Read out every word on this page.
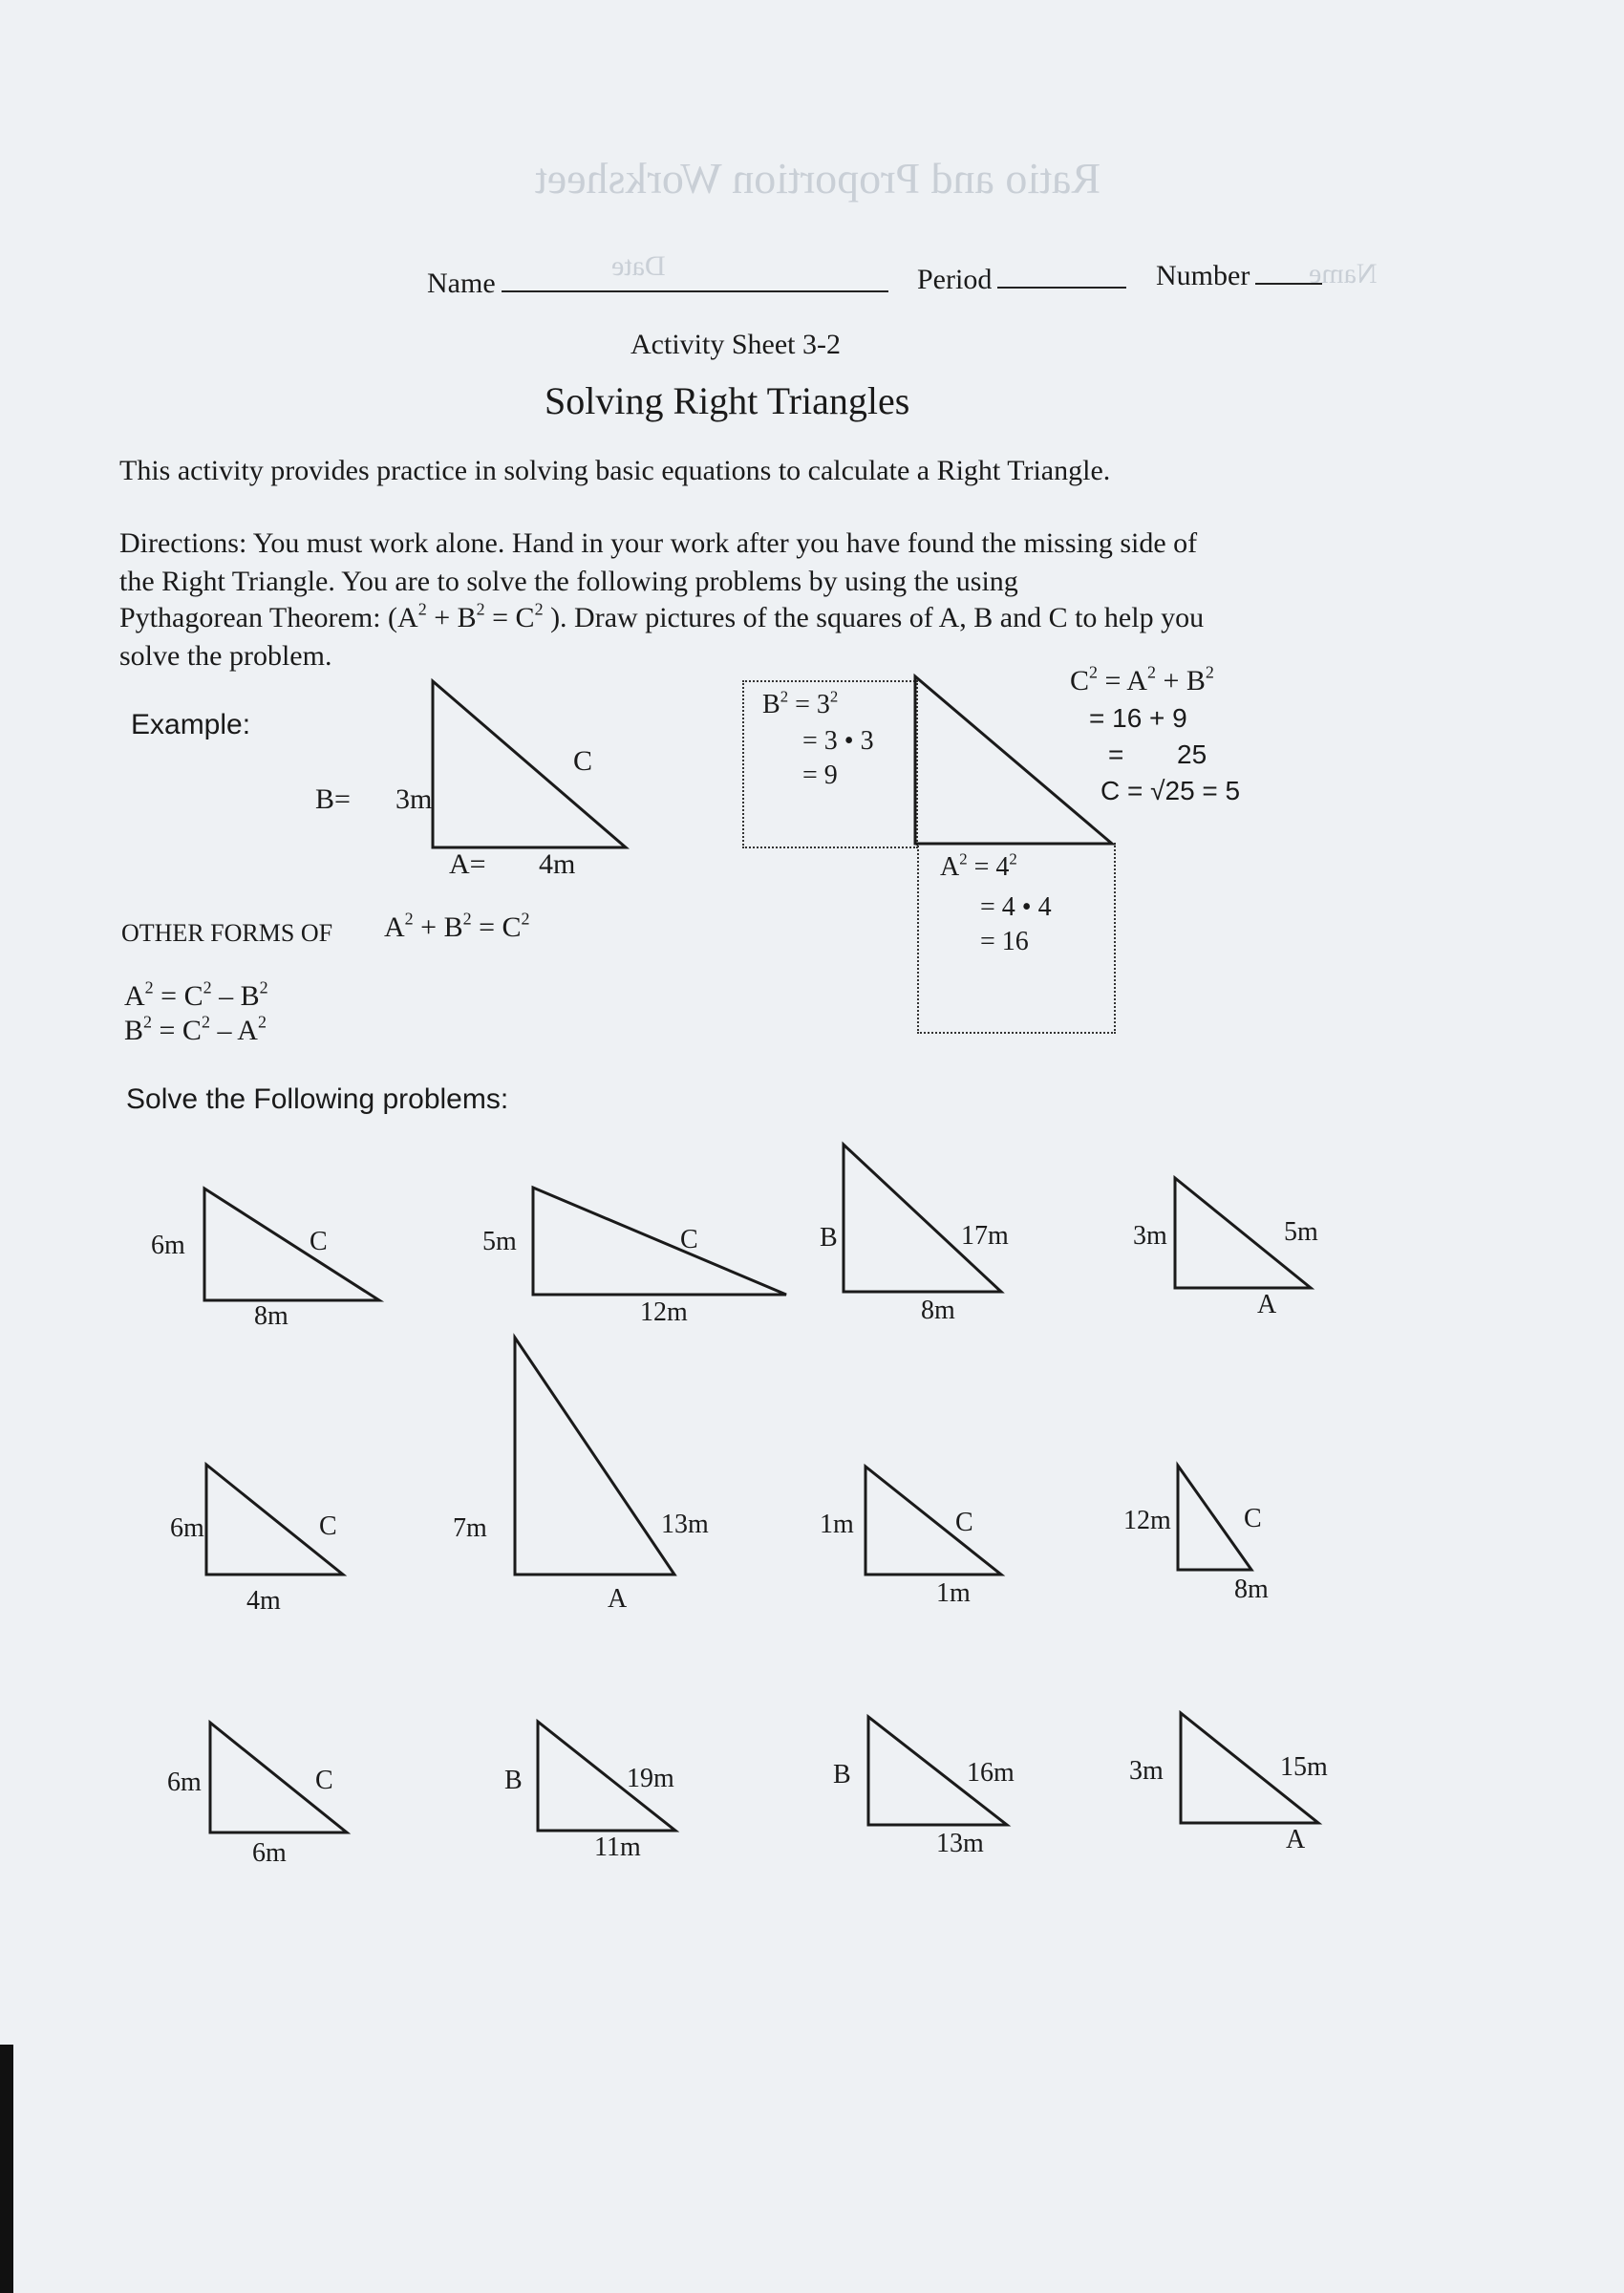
Ratio and Proportion Worksheet
Date	Name
Name	Period	Number
Activity Sheet 3-2
Solving Right Triangles
This activity provides practice in solving basic equations to calculate a Right Triangle.
Directions: You must work alone. Hand in your work after you have found the missing side of
the Right Triangle. You are to solve the following problems by using the using
Pythagorean Theorem: ($A^2 + B^2 = C^2$ ). Draw pictures of the squares of A, B and C to help you
solve the problem.
Example:
B= 3m
C
A= 4m
$B^2 = 3^2$
= 3 • 3
= 9
$A^2 = 4^2$
= 4 • 4
= 16
$C^2 = A^2 + B^2$
= 16 + 9
= 25
C = √25 = 5
OTHER FORMS OF $A^2 + B^2 = C^2$
$A^2 = C^2 - B^2$
$B^2 = C^2 - A^2$
Solve the Following problems:
6m	C
8m
5m	C
12m
B	17m
8m
3m	5m
A
6m	C
4m
7m	13m
A
1m	C
1m
12m	C
8m
6m	C
6m
B	19m
11m
B	16m
13m
3m	15m
A
